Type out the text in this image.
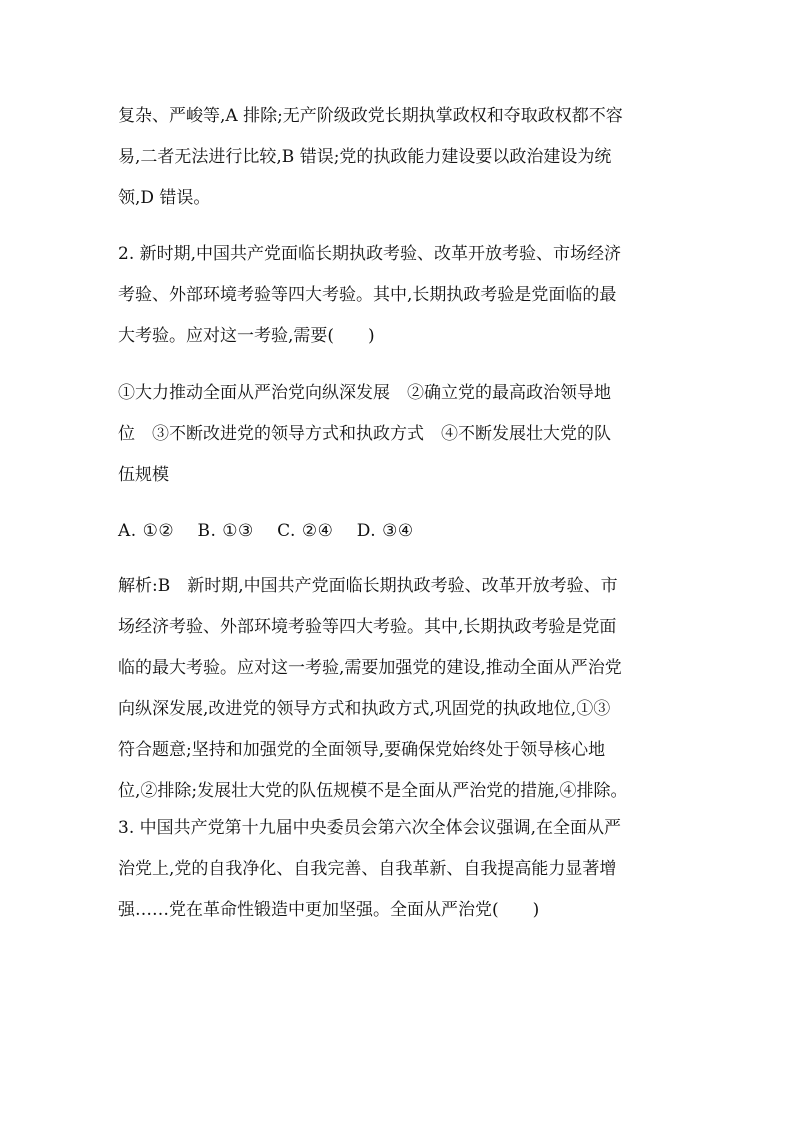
复杂、严峻等,A 排除;无产阶级政党长期执掌政权和夺取政权都不容
易,二者无法进行比较,B 错误;党的执政能力建设要以政治建设为统
领,D 错误。
2. 新时期,中国共产党面临长期执政考验、改革开放考验、市场经济
考验、外部环境考验等四大考验。其中,长期执政考验是党面临的最
大考验。应对这一考验,需要(　　)
①大力推动全面从严治党向纵深发展　②确立党的最高政治领导地
位　③不断改进党的领导方式和执政方式　④不断发展壮大党的队
伍规模
A. ①②　 B. ①③　 C. ②④　 D. ③④
解析:B　新时期,中国共产党面临长期执政考验、改革开放考验、市
场经济考验、外部环境考验等四大考验。其中,长期执政考验是党面
临的最大考验。应对这一考验,需要加强党的建设,推动全面从严治党
向纵深发展,改进党的领导方式和执政方式,巩固党的执政地位,①③
符合题意;坚持和加强党的全面领导,要确保党始终处于领导核心地
位,②排除;发展壮大党的队伍规模不是全面从严治党的措施,④排除。
3. 中国共产党第十九届中央委员会第六次全体会议强调,在全面从严
治党上,党的自我净化、自我完善、自我革新、自我提高能力显著增
强……党在革命性锻造中更加坚强。全面从严治党(　　)
